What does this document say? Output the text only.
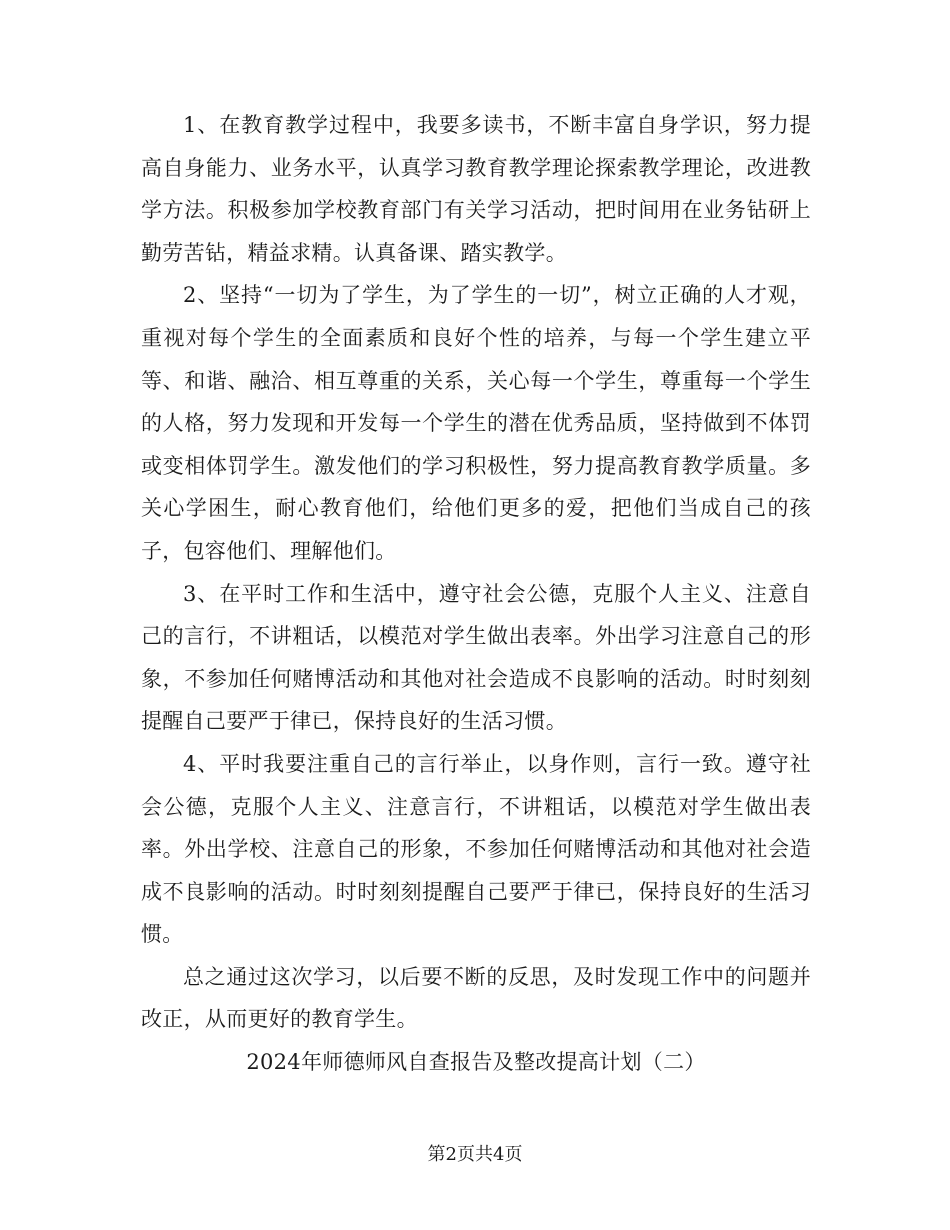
1、在教育教学过程中，我要多读书，不断丰富自身学识，努力提高自身能力、业务水平，认真学习教育教学理论探索教学理论，改进教学方法。积极参加学校教育部门有关学习活动，把时间用在业务钻研上勤劳苦钻，精益求精。认真备课、踏实教学。

2、坚持“一切为了学生，为了学生的一切”，树立正确的人才观，重视对每个学生的全面素质和良好个性的培养，与每一个学生建立平等、和谐、融洽、相互尊重的关系，关心每一个学生，尊重每一个学生的人格，努力发现和开发每一个学生的潜在优秀品质，坚持做到不体罚或变相体罚学生。激发他们的学习积极性，努力提高教育教学质量。多关心学困生，耐心教育他们，给他们更多的爱，把他们当成自己的孩子，包容他们、理解他们。

3、在平时工作和生活中，遵守社会公德，克服个人主义、注意自己的言行，不讲粗话，以模范对学生做出表率。外出学习注意自己的形象，不参加任何赌博活动和其他对社会造成不良影响的活动。时时刻刻提醒自己要严于律已，保持良好的生活习惯。

4、平时我要注重自己的言行举止，以身作则，言行一致。遵守社会公德，克服个人主义、注意言行，不讲粗话，以模范对学生做出表率。外出学校、注意自己的形象，不参加任何赌博活动和其他对社会造成不良影响的活动。时时刻刻提醒自己要严于律已，保持良好的生活习惯。

总之通过这次学习，以后要不断的反思，及时发现工作中的问题并改正，从而更好的教育学生。

2024年师德师风自查报告及整改提高计划（二）

第2页共4页
